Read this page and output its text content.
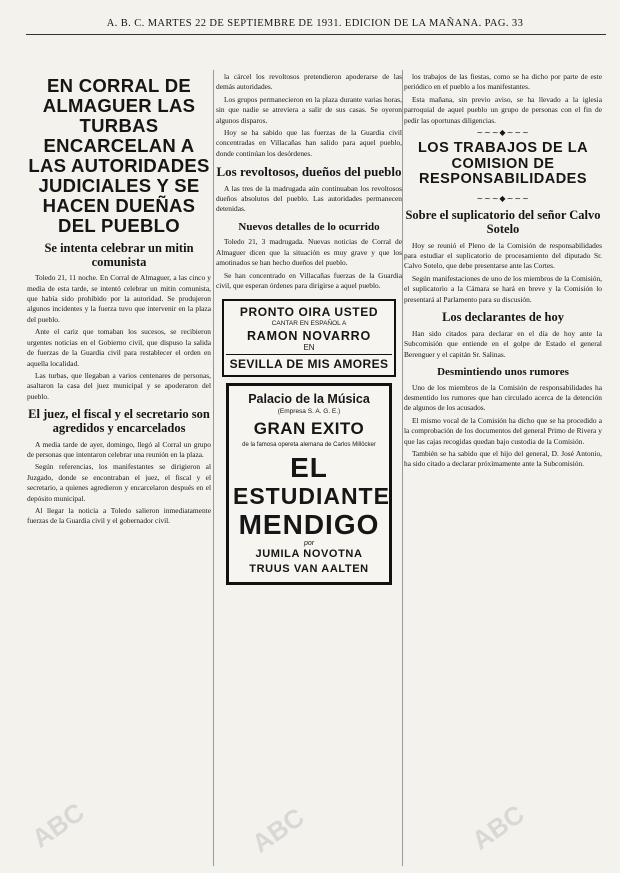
A. B. C. MARTES 22 DE SEPTIEMBRE DE 1931. EDICION DE LA MAÑANA. PAG. 33
EN CORRAL DE ALMAGUER LAS TURBAS ENCARCELAN A LAS AUTORIDADES JUDICIALES Y SE HACEN DUEÑAS DEL PUEBLO
Se intenta celebrar un mitin comunista

Toledo 21, 11 noche. En Corral de Almaguer, a las cinco y media de esta tarde, se intentó celebrar un mitin comunista, que había sido prohibido por la autoridad. Se produjeron algunos incidentes y la fuerza tuvo que intervenir en la plaza del pueblo.

Ante el cariz que tomaban los sucesos, se recibieron urgentes noticias en el Gobierno civil, que dispuso la salida de fuerzas de la Guardia civil para restablecer el orden en aquella localidad.

Las turbas, que llegaban a varios centenares de personas, asaltaron la casa del juez municipal y se apoderaron del pueblo.

El juez, el fiscal y el secretario son agredidos y encarcelados

A media tarde de ayer, domingo, llegó al Corral un grupo de personas que intentaron celebrar una reunión en la plaza.

Según referencias, los manifestantes se dirigieron al Juzgado, donde se encontraban el juez, el fiscal y el secretario, a quienes agredieron y encarcelaron después en el depósito municipal.

Al llegar la noticia a Toledo salieron inmediatamente fuerzas de la Guardia civil y el gobernador civil.

la cárcel los revoltosos pretendieron apoderarse de las demás autoridades.

Los grupos permanecieron en la plaza durante varias horas, sin que nadie se atreviera a salir de sus casas. Se oyeron algunos disparos.

Hoy se ha sabido que las fuerzas de la Guardia civil concentradas en Villacañas han salido para aquel pueblo, donde continúan los desórdenes.

Los revoltosos, dueños del pueblo

A las tres de la madrugada aún continuaban los revoltosos dueños absolutos del pueblo. Las autoridades permanecen detenidas.

Nuevos detalles de lo ocurrido

Toledo 21, 3 madrugada. Nuevas noticias de Corral de Almaguer dicen que la situación es muy grave y que los amotinados se han hecho dueños del pueblo.

Se han concentrado en Villacañas fuerzas de la Guardia civil, que esperan órdenes para dirigirse a aquel pueblo.

PRONTO OIRA USTED
CANTAR EN ESPAÑOL A
RAMON NOVARRO
EN
SEVILLA DE MIS AMORES
Palacio de la Música
(Empresa S. A. G. E.)
GRAN EXITO
de la famosa opereta alemana de Carlos Millöcker
EL
ESTUDIANTE
MENDIGO
por
JUMILA NOVOTNA
TRUUS VAN AALTEN

los trabajos de las fiestas, como se ha dicho por parte de este periódico en el pueblo a los manifestantes.

Esta mañana, sin previo aviso, se ha llevado a la iglesia parroquial de aquel pueblo un grupo de personas con el fin de pedir las oportunas diligencias.

~~~◆~~~
LOS TRABAJOS DE LA COMISION DE RESPONSABILIDADES
~~~◆~~~
Sobre el suplicatorio del señor Calvo Sotelo

Hoy se reunió el Pleno de la Comisión de responsabilidades para estudiar el suplicatorio de procesamiento del diputado Sr. Calvo Sotelo, que debe presentarse ante las Cortes.

Según manifestaciones de uno de los miembros de la Comisión, el suplicatorio a la Cámara se hará en breve y la Comisión lo presentará al Parlamento para su discusión.

Los declarantes de hoy

Han sido citados para declarar en el día de hoy ante la Subcomisión que entiende en el golpe de Estado el general Berenguer y el capitán Sr. Salinas.

Desmintiendo unos rumores

Uno de los miembros de la Comisión de responsabilidades ha desmentido los rumores que han circulado acerca de la detención de algunos de los acusados.

El mismo vocal de la Comisión ha dicho que se ha procedido a la comprobación de los documentos del general Primo de Rivera y que las cajas recogidas quedan bajo custodia de la Comisión.

También se ha sabido que el hijo del general, D. José Antonio, ha sido citado a declarar próximamente ante la Subcomisión.

ABC	ABC	ABC
